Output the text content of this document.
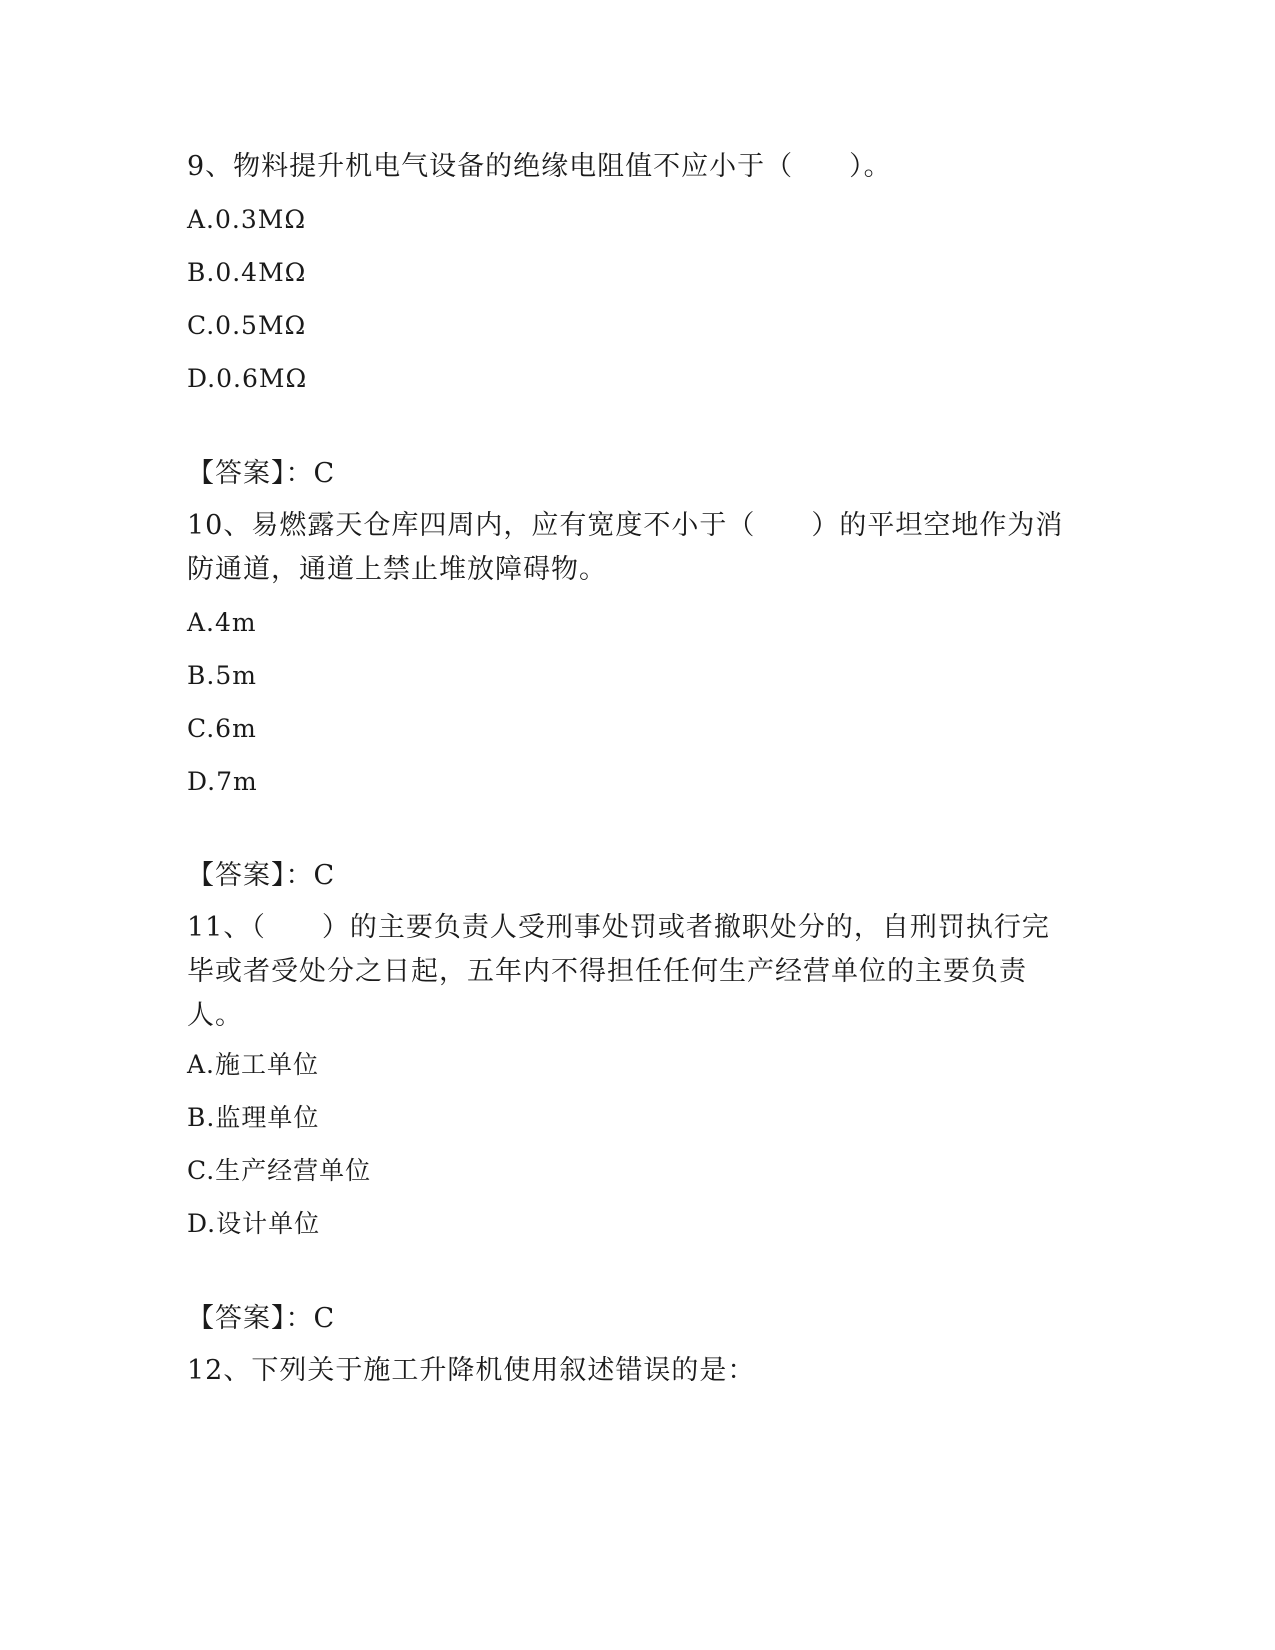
9、物料提升机电气设备的绝缘电阻值不应小于（　　）。
A.0.3MΩ
B.0.4MΩ
C.0.5MΩ
D.0.6MΩ
【答案】：C
10、易燃露天仓库四周内，应有宽度不小于（　　）的平坦空地作为消
防通道，通道上禁止堆放障碍物。
A.4m
B.5m
C.6m
D.7m
【答案】：C
11、（　　）的主要负责人受刑事处罚或者撤职处分的，自刑罚执行完
毕或者受处分之日起，五年内不得担任任何生产经营单位的主要负责
人。
A.施工单位
B.监理单位
C.生产经营单位
D.设计单位
【答案】：C
12、下列关于施工升降机使用叙述错误的是：
